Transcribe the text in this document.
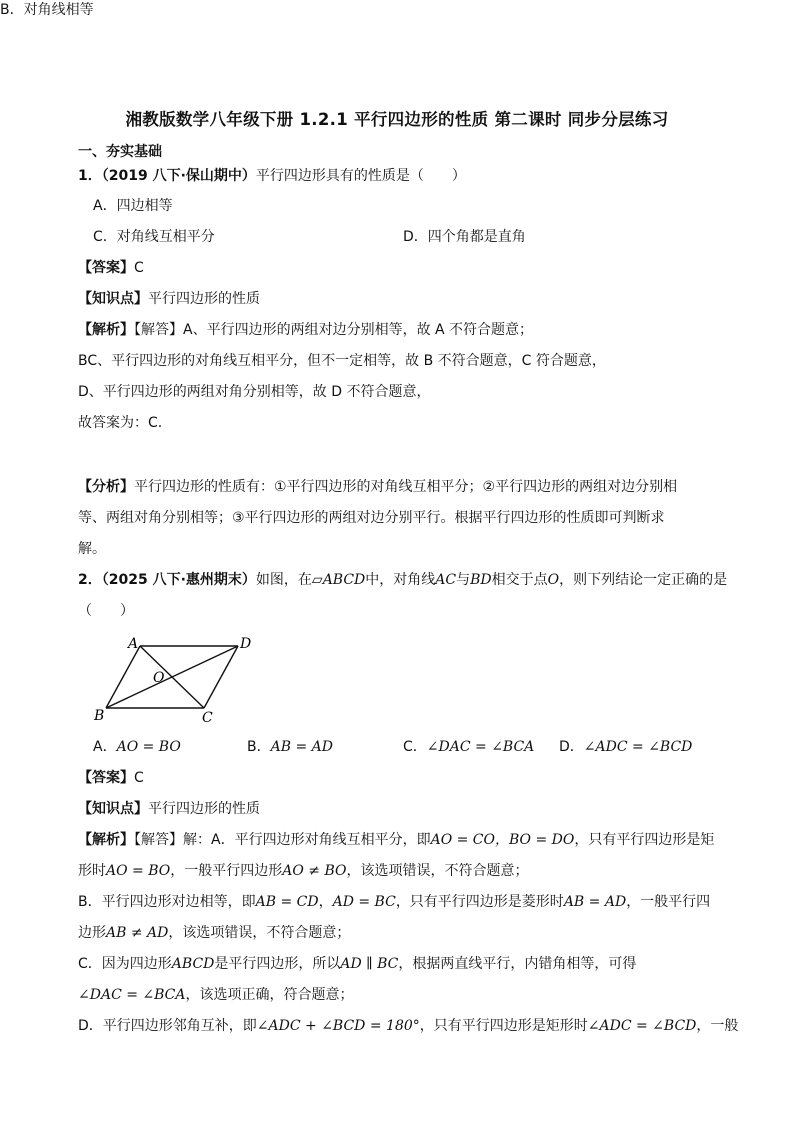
湘教版数学八年级下册 1.2.1 平行四边形的性质 第二课时 同步分层练习
一、夯实基础
1．（2019 八下·保山期中）平行四边形具有的性质是（　　）
A．四边相等
B．对角线相等
C．对角线互相平分	D．四个角都是直角
【答案】C
【知识点】平行四边形的性质
【解析】【解答】A、平行四边形的两组对边分别相等，故 A 不符合题意；
BC、平行四边形的对角线互相平分，但不一定相等，故 B 不符合题意，C 符合题意，
D、平行四边形的两组对角分别相等，故 D 不符合题意，
故答案为：C.
【分析】平行四边形的性质有：①平行四边形的对角线互相平分；②平行四边形的两组对边分别相
等、两组对角分别相等；③平行四边形的两组对边分别平行。根据平行四边形的性质即可判断求
解。
2．（2025 八下·惠州期末）如图，在▱ABCD中，对角线AC与BD相交于点O，则下列结论一定正确的是
（　　）
A	D
B	C
O
A．AO = BO	B．AB = AD	C．∠DAC = ∠BCA D．∠ADC = ∠BCD
【答案】C
【知识点】平行四边形的性质
【解析】【解答】解：A．平行四边形对角线互相平分，即AO = CO，BO = DO，只有平行四边形是矩
形时AO = BO，一般平行四边形AO ≠ BO，该选项错误，不符合题意；
B．平行四边形对边相等，即AB = CD，AD = BC，只有平行四边形是菱形时AB = AD，一般平行四
边形AB ≠ AD，该选项错误，不符合题意；
C．因为四边形ABCD是平行四边形，所以AD ∥ BC，根据两直线平行，内错角相等，可得
∠DAC = ∠BCA，该选项正确，符合题意；
D．平行四边形邻角互补，即∠ADC + ∠BCD = 180°，只有平行四边形是矩形时∠ADC = ∠BCD，一般
